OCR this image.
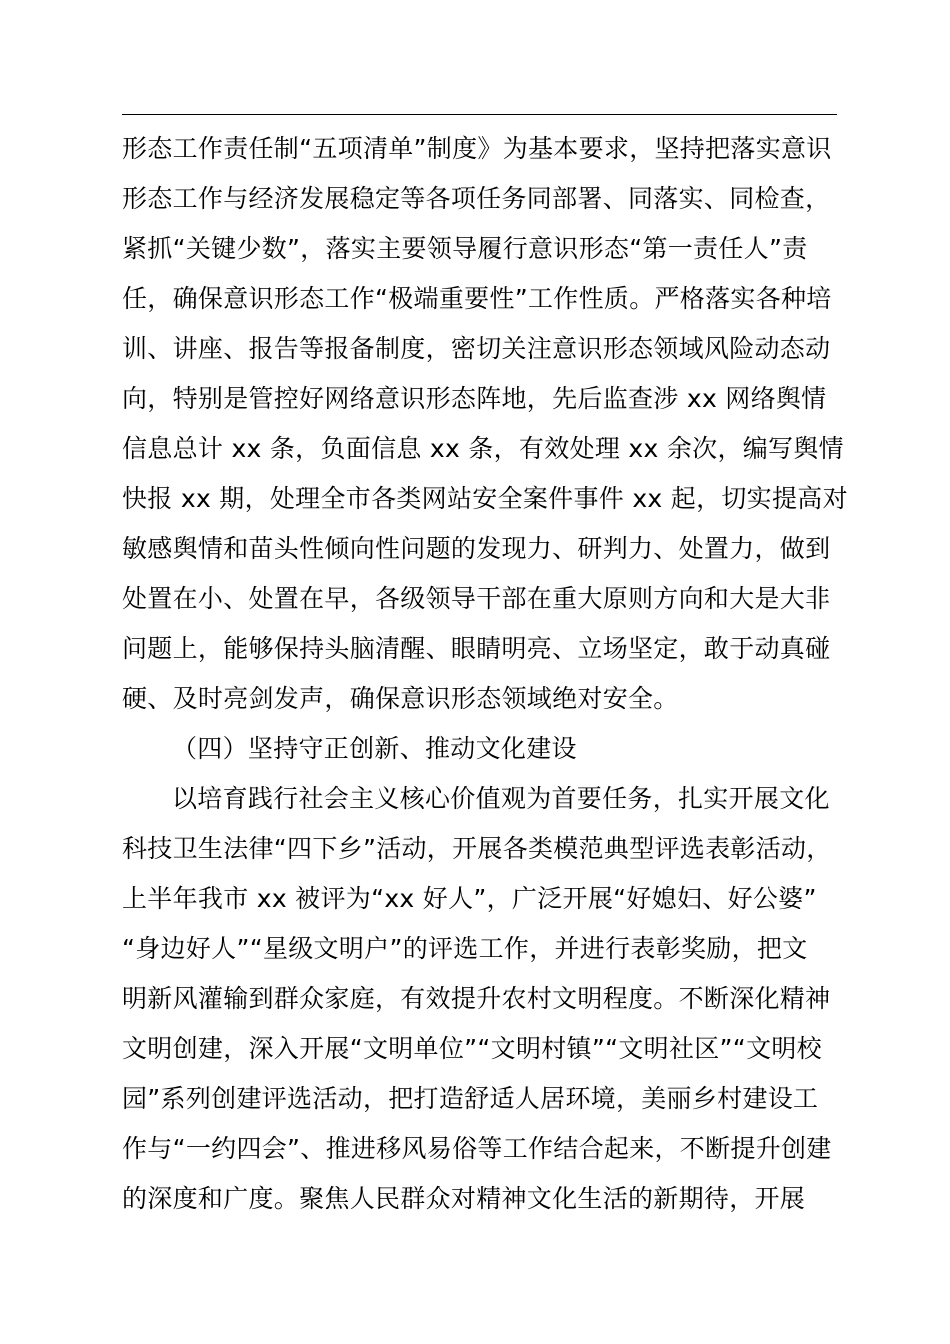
形态工作责任制“五项清单”制度》为基本要求，坚持把落实意识
形态工作与经济发展稳定等各项任务同部署、同落实、同检查，
紧抓“关键少数”，落实主要领导履行意识形态“第一责任人”责
任，确保意识形态工作“极端重要性”工作性质。严格落实各种培
训、讲座、报告等报备制度，密切关注意识形态领域风险动态动
向，特别是管控好网络意识形态阵地，先后监查涉 xx 网络舆情
信息总计 xx 条，负面信息 xx 条，有效处理 xx 余次，编写舆情
快报 xx 期，处理全市各类网站安全案件事件 xx 起，切实提高对
敏感舆情和苗头性倾向性问题的发现力、研判力、处置力，做到
处置在小、处置在早，各级领导干部在重大原则方向和大是大非
问题上，能够保持头脑清醒、眼睛明亮、立场坚定，敢于动真碰
硬、及时亮剑发声，确保意识形态领域绝对安全。
（四）坚持守正创新、推动文化建设
以培育践行社会主义核心价值观为首要任务，扎实开展文化
科技卫生法律“四下乡”活动，开展各类模范典型评选表彰活动，
上半年我市 xx 被评为“xx 好人”，广泛开展“好媳妇、好公婆”
“身边好人”“星级文明户”的评选工作，并进行表彰奖励，把文
明新风灌输到群众家庭，有效提升农村文明程度。不断深化精神
文明创建，深入开展“文明单位”“文明村镇”“文明社区”“文明校
园”系列创建评选活动，把打造舒适人居环境，美丽乡村建设工
作与“一约四会”、推进移风易俗等工作结合起来，不断提升创建
的深度和广度。聚焦人民群众对精神文化生活的新期待，开展
